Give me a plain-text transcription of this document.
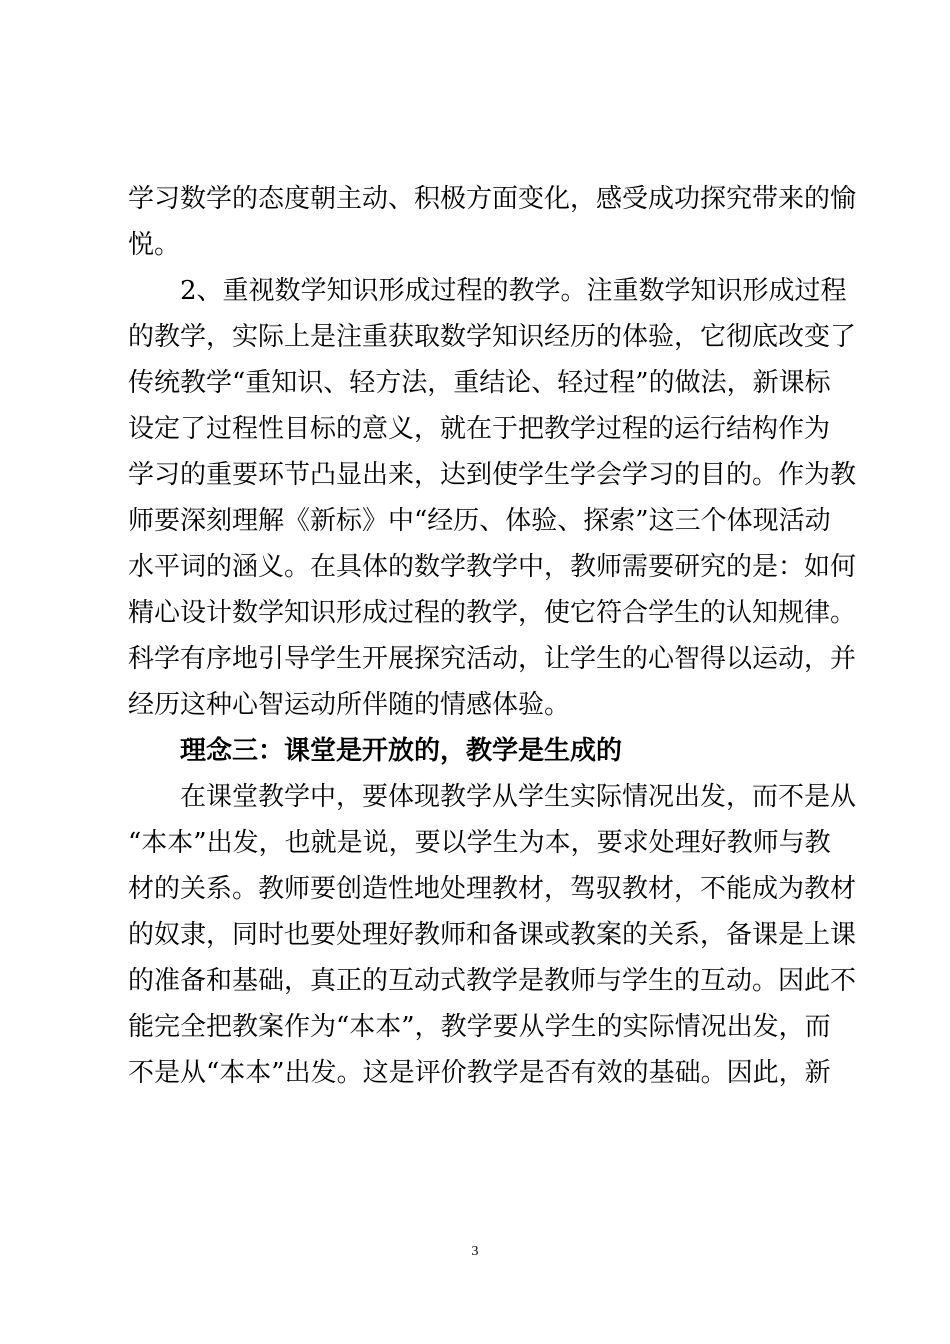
学习数学的态度朝主动、积极方面变化，感受成功探究带来的愉
悦。
2、重视数学知识形成过程的教学。注重数学知识形成过程
的教学，实际上是注重获取数学知识经历的体验，它彻底改变了
传统教学“重知识、轻方法，重结论、轻过程”的做法，新课标
设定了过程性目标的意义，就在于把教学过程的运行结构作为
学习的重要环节凸显出来，达到使学生学会学习的目的。作为教
师要深刻理解《新标》中“经历、体验、探索”这三个体现活动
水平词的涵义。在具体的数学教学中，教师需要研究的是：如何
精心设计数学知识形成过程的教学，使它符合学生的认知规律。
科学有序地引导学生开展探究活动，让学生的心智得以运动，并
经历这种心智运动所伴随的情感体验。
理念三：课堂是开放的，教学是生成的
在课堂教学中，要体现教学从学生实际情况出发，而不是从
“本本”出发，也就是说，要以学生为本，要求处理好教师与教
材的关系。教师要创造性地处理教材，驾驭教材，不能成为教材
的奴隶，同时也要处理好教师和备课或教案的关系，备课是上课
的准备和基础，真正的互动式教学是教师与学生的互动。因此不
能完全把教案作为“本本”，教学要从学生的实际情况出发，而
不是从“本本”出发。这是评价教学是否有效的基础。因此，新
3
